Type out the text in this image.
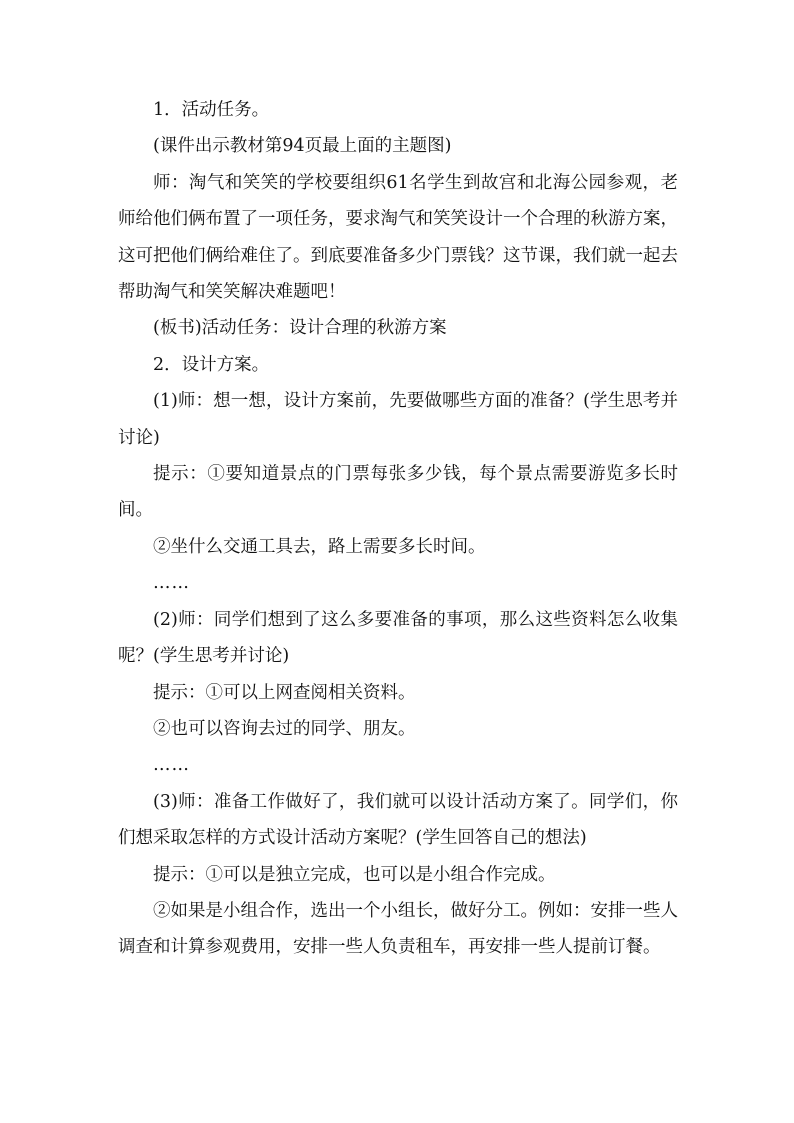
1．活动任务。

(课件出示教材第94页最上面的主题图)

师：淘气和笑笑的学校要组织61名学生到故宫和北海公园参观，老师给他们俩布置了一项任务，要求淘气和笑笑设计一个合理的秋游方案，这可把他们俩给难住了。到底要准备多少门票钱？这节课，我们就一起去帮助淘气和笑笑解决难题吧！

(板书)活动任务：设计合理的秋游方案

2．设计方案。

(1)师：想一想，设计方案前，先要做哪些方面的准备？(学生思考并讨论)

提示：①要知道景点的门票每张多少钱，每个景点需要游览多长时间。

②坐什么交通工具去，路上需要多长时间。

……

(2)师：同学们想到了这么多要准备的事项，那么这些资料怎么收集呢？(学生思考并讨论)

提示：①可以上网查阅相关资料。

②也可以咨询去过的同学、朋友。

……

(3)师：准备工作做好了，我们就可以设计活动方案了。同学们，你们想采取怎样的方式设计活动方案呢？(学生回答自己的想法)

提示：①可以是独立完成，也可以是小组合作完成。

②如果是小组合作，选出一个小组长，做好分工。例如：安排一些人调查和计算参观费用，安排一些人负责租车，再安排一些人提前订餐。
